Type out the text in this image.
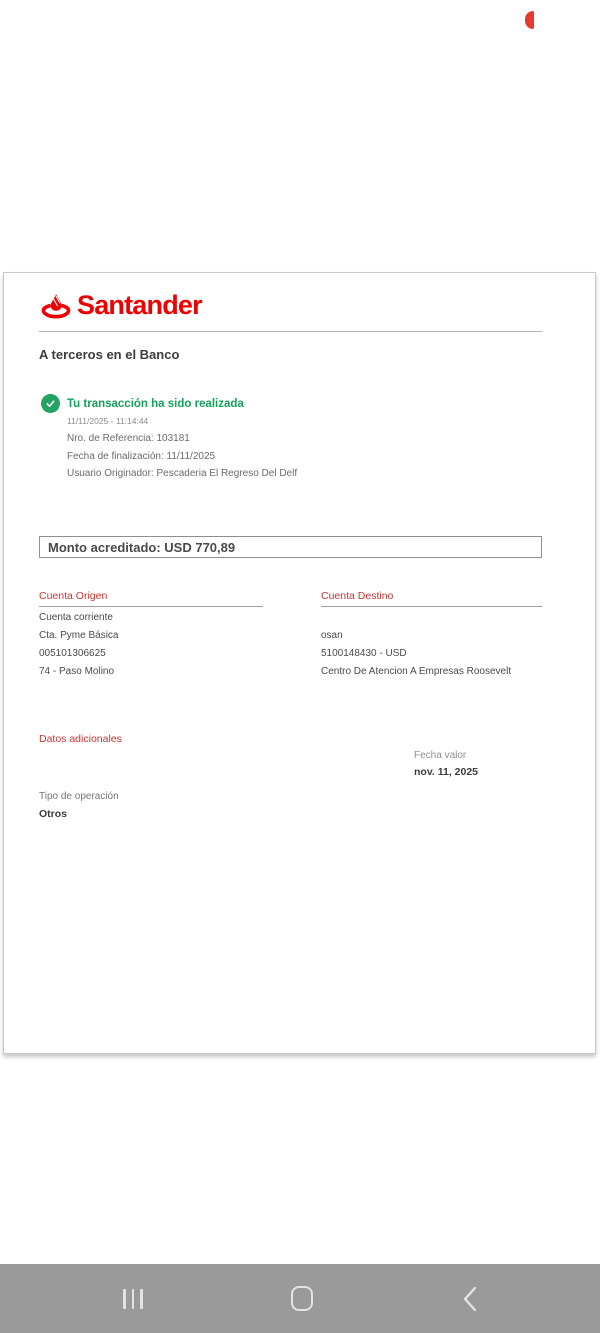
Santander
A terceros en el Banco
Tu transacción ha sido realizada
11/11/2025 - 11:14:44
Nro. de Referencia: 103181
Fecha de finalización: 11/11/2025
Usuario Originador: Pescaderia El Regreso Del Delf
Monto acreditado: USD 770,89
Cuenta Origen
Cuenta corriente
Cta. Pyme Básica
005101306625
74 - Paso Molino
Cuenta Destino
osan
5100148430 - USD
Centro De Atencion A Empresas Roosevelt
Datos adicionales
Fecha valor
nov. 11, 2025
Tipo de operación
Otros
